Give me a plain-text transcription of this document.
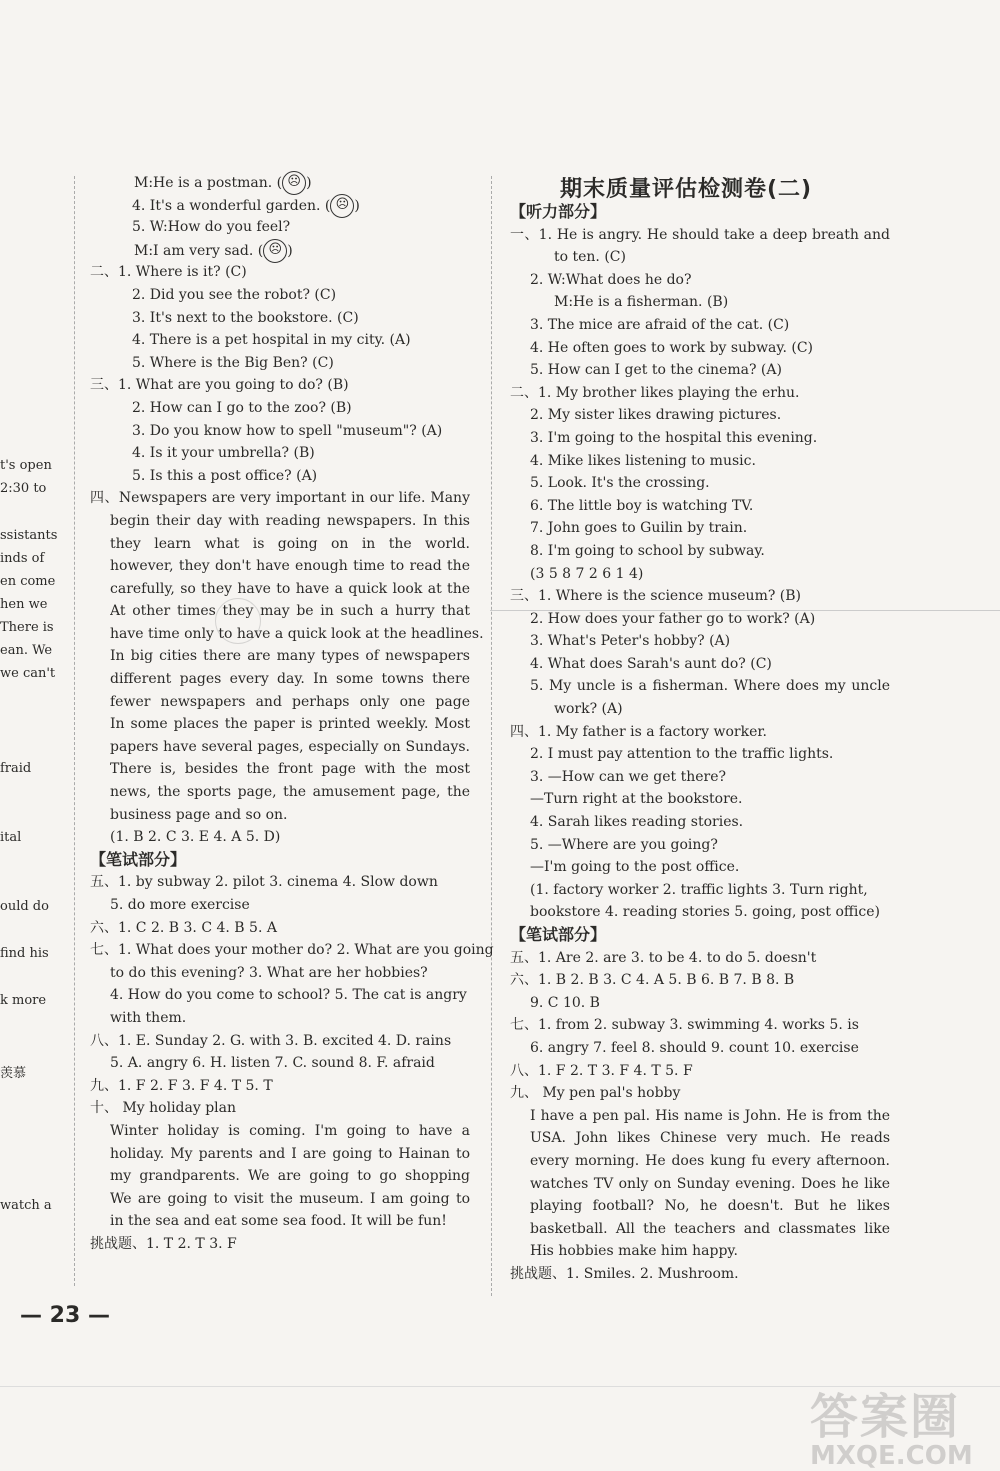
t's open
2:30 to
ssistants
inds of
en come
hen we
There is
ean. We
we can't
fraid
ital
ould do
find his
k more
羡慕
watch a
M:He is a postman. ( ☹ )
4. It's a wonderful garden. ( ☹ )
5. W:How do you feel?
M:I am very sad. ( ☹ )
二、1. Where is it? (C)
2. Did you see the robot? (C)
3. It's next to the bookstore. (C)
4. There is a pet hospital in my city. (A)
5. Where is the Big Ben? (C)
三、1. What are you going to do? (B)
2. How can I go to the zoo? (B)
3. Do you know how to spell "museum"? (A)
4. Is it your umbrella? (B)
5. Is this a post office? (A)
四、Newspapers are very important in our life. Many
begin their day with reading newspapers. In this
they learn what is going on in the world.
however, they don't have enough time to read the
carefully, so they have to have a quick look at the
At other times they may be in such a hurry that
have time only to have a quick look at the headlines.
In big cities there are many types of newspapers
different pages every day. In some towns there
fewer newspapers and perhaps only one page
In some places the paper is printed weekly. Most
papers have several pages, especially on Sundays.
There is, besides the front page with the most
news, the sports page, the amusement page, the
business page and so on.
(1. B 2. C 3. E 4. A 5. D)
【笔试部分】
五、1. by subway 2. pilot 3. cinema 4. Slow down
5. do more exercise
六、1. C 2. B 3. C 4. B 5. A
七、1. What does your mother do? 2. What are you going
to do this evening? 3. What are her hobbies?
4. How do you come to school? 5. The cat is angry
with them.
八、1. E. Sunday 2. G. with 3. B. excited 4. D. rains
5. A. angry 6. H. listen 7. C. sound 8. F. afraid
九、1. F 2. F 3. F 4. T 5. T
十、 My holiday plan
Winter holiday is coming. I'm going to have a
holiday. My parents and I are going to Hainan to
my grandparents. We are going to go shopping
We are going to visit the museum. I am going to
in the sea and eat some sea food. It will be fun!
挑战题、1. T 2. T 3. F
期末质量评估检测卷(二)
【听力部分】
一、1. He is angry. He should take a deep breath and
to ten. (C)
2. W:What does he do?
M:He is a fisherman. (B)
3. The mice are afraid of the cat. (C)
4. He often goes to work by subway. (C)
5. How can I get to the cinema? (A)
二、1. My brother likes playing the erhu.
2. My sister likes drawing pictures.
3. I'm going to the hospital this evening.
4. Mike likes listening to music.
5. Look. It's the crossing.
6. The little boy is watching TV.
7. John goes to Guilin by train.
8. I'm going to school by subway.
(3 5 8 7 2 6 1 4)
三、1. Where is the science museum? (B)
2. How does your father go to work? (A)
3. What's Peter's hobby? (A)
4. What does Sarah's aunt do? (C)
5. My uncle is a fisherman. Where does my uncle
work? (A)
四、1. My father is a factory worker.
2. I must pay attention to the traffic lights.
3. —How can we get there?
—Turn right at the bookstore.
4. Sarah likes reading stories.
5. —Where are you going?
—I'm going to the post office.
(1. factory worker 2. traffic lights 3. Turn right,
bookstore 4. reading stories 5. going, post office)
【笔试部分】
五、1. Are 2. are 3. to be 4. to do 5. doesn't
六、1. B 2. B 3. C 4. A 5. B 6. B 7. B 8. B
9. C 10. B
七、1. from 2. subway 3. swimming 4. works 5. is
6. angry 7. feel 8. should 9. count 10. exercise
八、1. F 2. T 3. F 4. T 5. F
九、 My pen pal's hobby
I have a pen pal. His name is John. He is from the
USA. John likes Chinese very much. He reads
every morning. He does kung fu every afternoon.
watches TV only on Sunday evening. Does he like
playing football? No, he doesn't. But he likes
basketball. All the teachers and classmates like
His hobbies make him happy.
挑战题、1. Smiles. 2. Mushroom.
— 23 —
答案圈
MXQE.COM
